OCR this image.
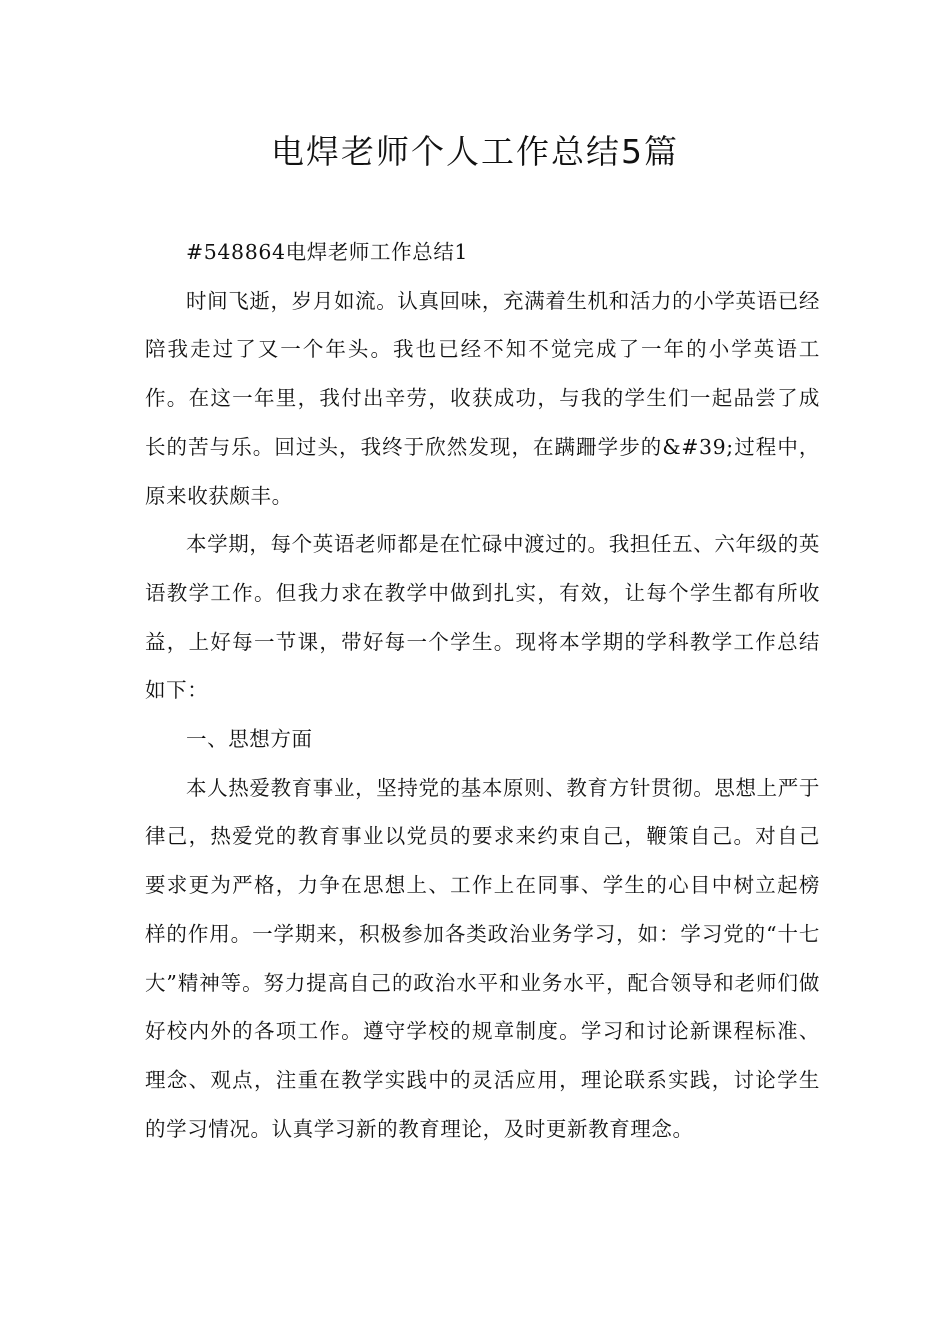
电焊老师个人工作总结5篇

#548864电焊老师工作总结1

时间飞逝，岁月如流。认真回味，充满着生机和活力的小学英语已经陪我走过了又一个年头。我也已经不知不觉完成了一年的小学英语工作。在这一年里，我付出辛劳，收获成功，与我的学生们一起品尝了成长的苦与乐。回过头，我终于欣然发现，在蹒跚学步的&#39;过程中，原来收获颇丰。

本学期，每个英语老师都是在忙碌中渡过的。我担任五、六年级的英语教学工作。但我力求在教学中做到扎实，有效，让每个学生都有所收益，上好每一节课，带好每一个学生。现将本学期的学科教学工作总结如下：

一、思想方面

本人热爱教育事业，坚持党的基本原则、教育方针贯彻。思想上严于律己，热爱党的教育事业以党员的要求来约束自己，鞭策自己。对自己要求更为严格，力争在思想上、工作上在同事、学生的心目中树立起榜样的作用。一学期来，积极参加各类政治业务学习，如：学习党的“十七大”精神等。努力提高自己的政治水平和业务水平，配合领导和老师们做好校内外的各项工作。遵守学校的规章制度。学习和讨论新课程标准、理念、观点，注重在教学实践中的灵活应用，理论联系实践，讨论学生的学习情况。认真学习新的教育理论，及时更新教育理念。
